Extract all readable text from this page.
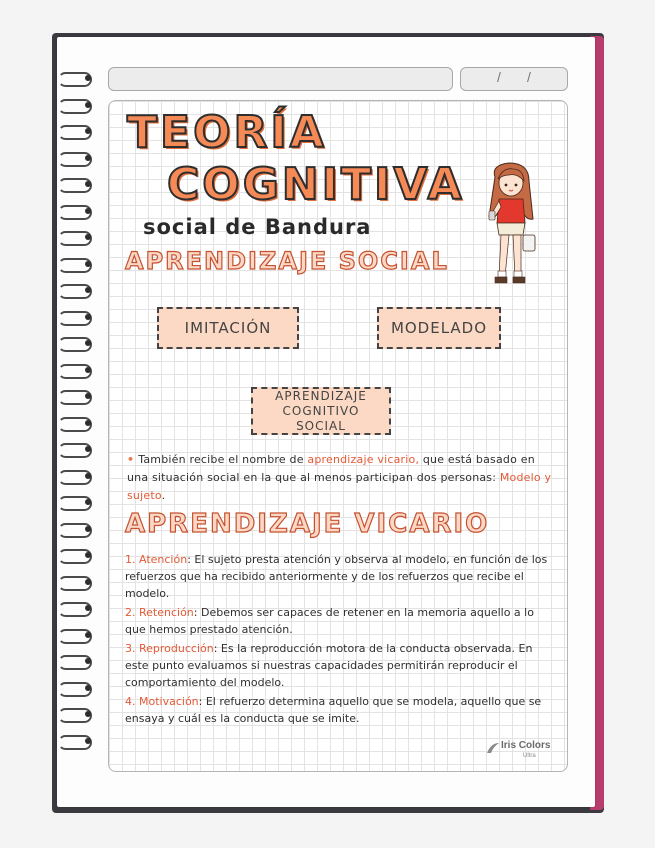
/ /
TEORÍA
COGNITIVA
social de Bandura
APRENDIZAJE SOCIAL
IMITACIÓN	MODELADO
APRENDIZAJE COGNITIVO SOCIAL
• También recibe el nombre de aprendizaje vicario, que está basado en una situación social en la que al menos participan dos personas: Modelo y sujeto.
APRENDIZAJE VICARIO
1. Atención: El sujeto presta atención y observa al modelo, en función de los refuerzos que ha recibido anteriormente y de los refuerzos que recibe el modelo.
2. Retención: Debemos ser capaces de retener en la memoria aquello a lo que hemos prestado atención.
3. Reproducción: Es la reproducción motora de la conducta observada. En este punto evaluamos si nuestras capacidades permitirán reproducir el comportamiento del modelo.
4. Motivación: El refuerzo determina aquello que se modela, aquello que se ensaya y cuál es la conducta que se imite.
Iris Colors
Ultra
